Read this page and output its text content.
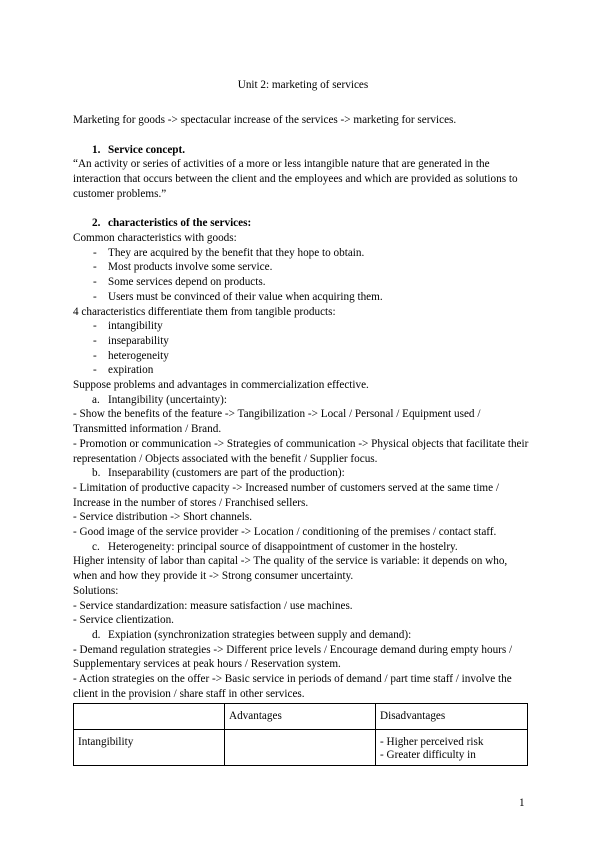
Unit 2: marketing of services

Marketing for goods -> spectacular increase of the services -> marketing for services.

1. Service concept.

“An activity or series of activities of a more or less intangible nature that are generated in the interaction that occurs between the client and the employees and which are provided as solutions to customer problems.”

2. characteristics of the services:

Common characteristics with goods:

- They are acquired by the benefit that they hope to obtain.
- Most products involve some service.
- Some services depend on products.
- Users must be convinced of their value when acquiring them.

4 characteristics differentiate them from tangible products:

- intangibility
- inseparability
- heterogeneity
- expiration

Suppose problems and advantages in commercialization effective.

a. Intangibility (uncertainty):

- Show the benefits of the feature -> Tangibilization -> Local / Personal / Equipment used / Transmitted information / Brand.

- Promotion or communication -> Strategies of communication -> Physical objects that facilitate their representation / Objects associated with the benefit / Supplier focus.

b. Inseparability (customers are part of the production):

- Limitation of productive capacity -> Increased number of customers served at the same time / Increase in the number of stores / Franchised sellers.

- Service distribution -> Short channels.

- Good image of the service provider -> Location / conditioning of the premises / contact staff.

c. Heterogeneity: principal source of disappointment of customer in the hostelry.

Higher intensity of labor than capital -> The quality of the service is variable: it depends on who, when and how they provide it -> Strong consumer uncertainty.

Solutions:

- Service standardization: measure satisfaction / use machines.

- Service clientization.

d. Expiation (synchronization strategies between supply and demand):

- Demand regulation strategies -> Different price levels / Encourage demand during empty hours / Supplementary services at peak hours / Reservation system.

- Action strategies on the offer -> Basic service in periods of demand / part time staff / involve the client in the provision / share staff in other services.

	Advantages	Disadvantages
Intangibility		- Higher perceived risk
- Greater difficulty in
1
